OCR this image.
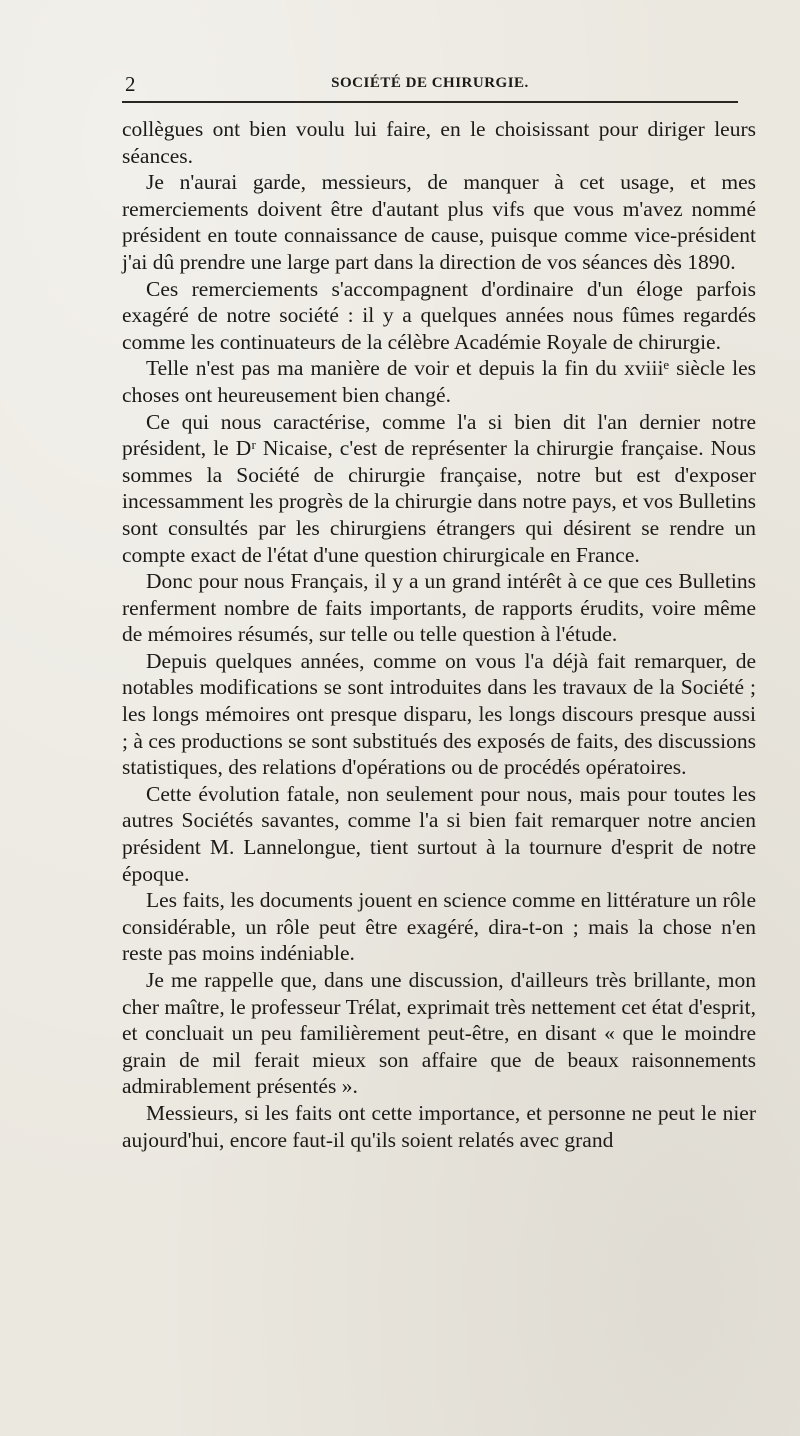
2	SOCIÉTÉ DE CHIRURGIE.

collègues ont bien voulu lui faire, en le choisissant pour diriger leurs séances.

Je n'aurai garde, messieurs, de manquer à cet usage, et mes remerciements doivent être d'autant plus vifs que vous m'avez nommé président en toute connaissance de cause, puisque comme vice-président j'ai dû prendre une large part dans la direction de vos séances dès 1890.

Ces remerciements s'accompagnent d'ordinaire d'un éloge parfois exagéré de notre société : il y a quelques années nous fûmes regardés comme les continuateurs de la célèbre Académie Royale de chirurgie.

Telle n'est pas ma manière de voir et depuis la fin du xviiiᵉ siècle les choses ont heureusement bien changé.

Ce qui nous caractérise, comme l'a si bien dit l'an dernier notre président, le Dʳ Nicaise, c'est de représenter la chirurgie française. Nous sommes la Société de chirurgie française, notre but est d'exposer incessamment les progrès de la chirurgie dans notre pays, et vos Bulletins sont consultés par les chirurgiens étrangers qui désirent se rendre un compte exact de l'état d'une question chirurgicale en France.

Donc pour nous Français, il y a un grand intérêt à ce que ces Bulletins renferment nombre de faits importants, de rapports érudits, voire même de mémoires résumés, sur telle ou telle question à l'étude.

Depuis quelques années, comme on vous l'a déjà fait remarquer, de notables modifications se sont introduites dans les travaux de la Société ; les longs mémoires ont presque disparu, les longs discours presque aussi ; à ces productions se sont substitués des exposés de faits, des discussions statistiques, des relations d'opérations ou de procédés opératoires.

Cette évolution fatale, non seulement pour nous, mais pour toutes les autres Sociétés savantes, comme l'a si bien fait remarquer notre ancien président M. Lannelongue, tient surtout à la tournure d'esprit de notre époque.

Les faits, les documents jouent en science comme en littérature un rôle considérable, un rôle peut être exagéré, dira-t-on ; mais la chose n'en reste pas moins indéniable.

Je me rappelle que, dans une discussion, d'ailleurs très brillante, mon cher maître, le professeur Trélat, exprimait très nettement cet état d'esprit, et concluait un peu familièrement peut-être, en disant « que le moindre grain de mil ferait mieux son affaire que de beaux raisonnements admirablement présentés ».

Messieurs, si les faits ont cette importance, et personne ne peut le nier aujourd'hui, encore faut-il qu'ils soient relatés avec grand
